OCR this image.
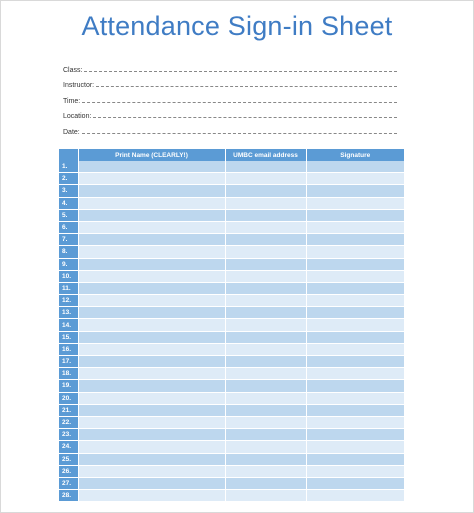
Attendance Sign-in Sheet
Class:
Instructor:
Time:
Location:
Date:
	Print Name (CLEARLY!)	UMBC email address	Signature
1.			
2.			
3.			
4.			
5.			
6.			
7.			
8.			
9.			
10.			
11.			
12.			
13.			
14.			
15.			
16.			
17.			
18.			
19.			
20.			
21.			
22.			
23.			
24.			
25.			
26.			
27.			
28.			
